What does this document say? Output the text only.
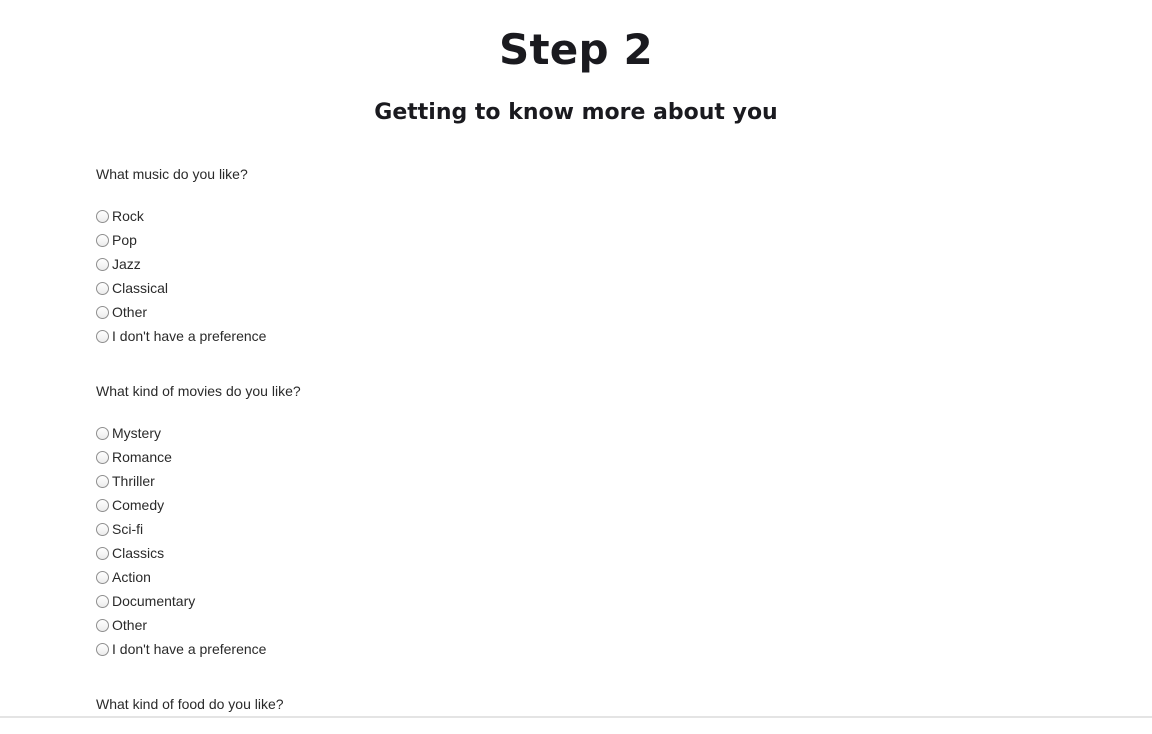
Step 2
Getting to know more about you
What music do you like?
Rock
Pop
Jazz
Classical
Other
I don't have a preference
What kind of movies do you like?
Mystery
Romance
Thriller
Comedy
Sci-fi
Classics
Action
Documentary
Other
I don't have a preference
What kind of food do you like?
